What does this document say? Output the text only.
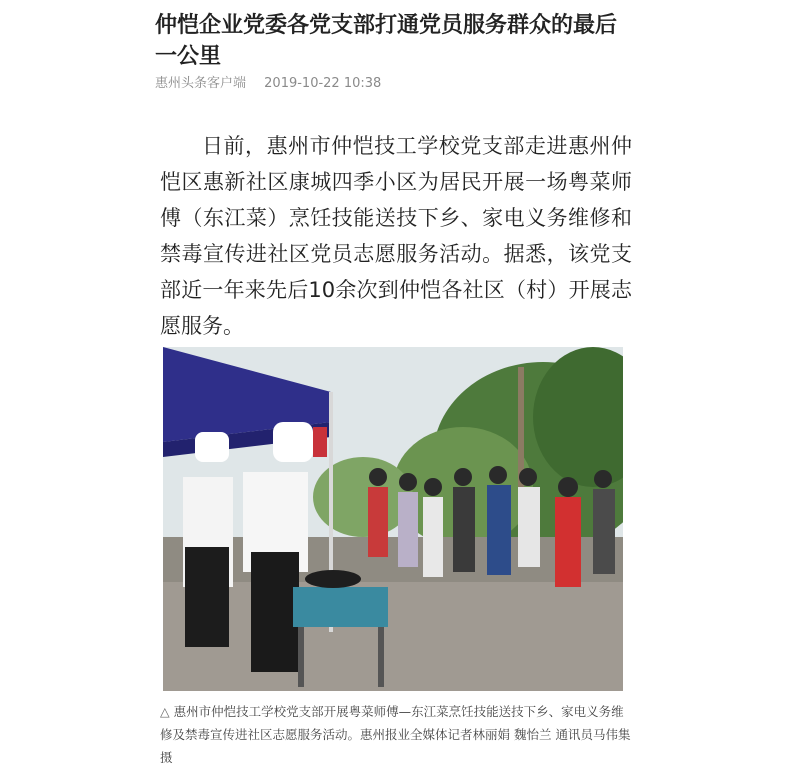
仲恺企业党委各党支部打通党员服务群众的最后一公里
惠州头条客户端 2019-10-22 10:38

日前，惠州市仲恺技工学校党支部走进惠州仲恺区惠新社区康城四季小区为居民开展一场粤菜师傅（东江菜）烹饪技能送技下乡、家电义务维修和禁毒宣传进社区党员志愿服务活动。据悉，该党支部近一年来先后10余次到仲恺各社区（村）开展志愿服务。

△ 惠州市仲恺技工学校党支部开展粤菜师傅—东江菜烹饪技能送技下乡、家电义务维修及禁毒宣传进社区志愿服务活动。惠州报业全媒体记者林丽娟 魏怡兰 通讯员马伟集 摄
